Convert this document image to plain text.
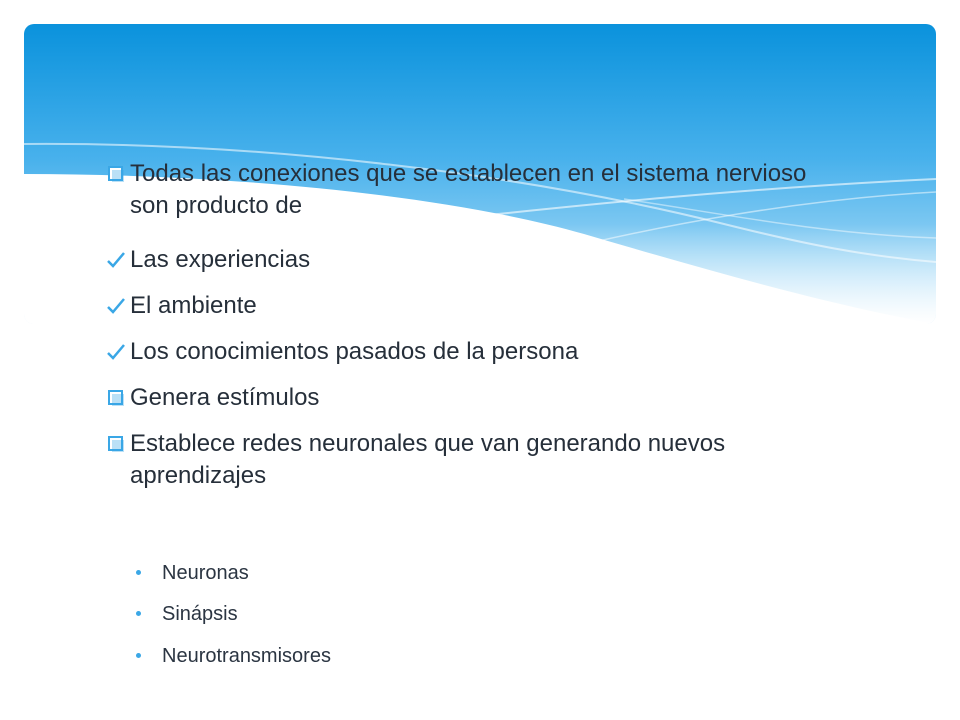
Todas las conexiones que se establecen en el sistema nervioso son producto de
Las experiencias
El ambiente
Los conocimientos pasados de la persona
Genera estímulos
Establece redes neuronales que van generando nuevos aprendizajes
Neuronas
Sinápsis
Neurotransmisores
